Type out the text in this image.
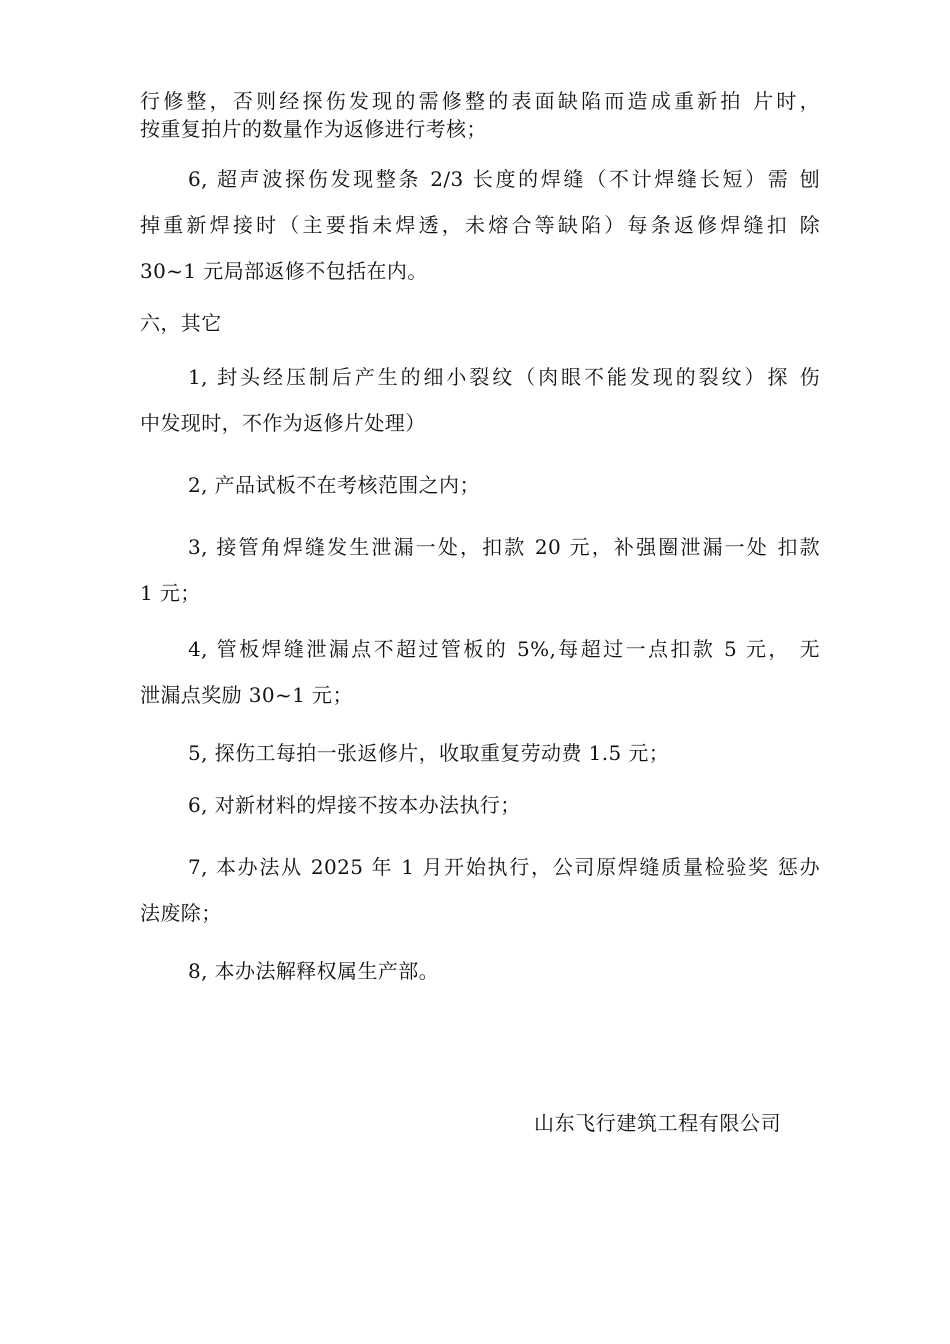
行修整，否则经探伤发现的需修整的表面缺陷而造成重新拍 片时，
按重复拍片的数量作为返修进行考核；
6, 超声波探伤发现整条 2/3 长度的焊缝（不计焊缝长短）需 刨
掉重新焊接时（主要指未焊透，未熔合等缺陷）每条返修焊缝扣 除
30~1 元局部返修不包括在内。
六，其它
1, 封头经压制后产生的细小裂纹（肉眼不能发现的裂纹）探 伤
中发现时，不作为返修片处理）
2, 产品试板不在考核范围之内；
3, 接管角焊缝发生泄漏一处，扣款 20 元，补强圈泄漏一处 扣款
1 元；
4, 管板焊缝泄漏点不超过管板的 5%,每超过一点扣款 5 元， 无
泄漏点奖励 30~1 元；
5, 探伤工每拍一张返修片，收取重复劳动费 1.5 元；
6, 对新材料的焊接不按本办法执行；
7, 本办法从 2025 年 1 月开始执行，公司原焊缝质量检验奖 惩办
法废除；
8, 本办法解释权属生产部。
山东飞行建筑工程有限公司
